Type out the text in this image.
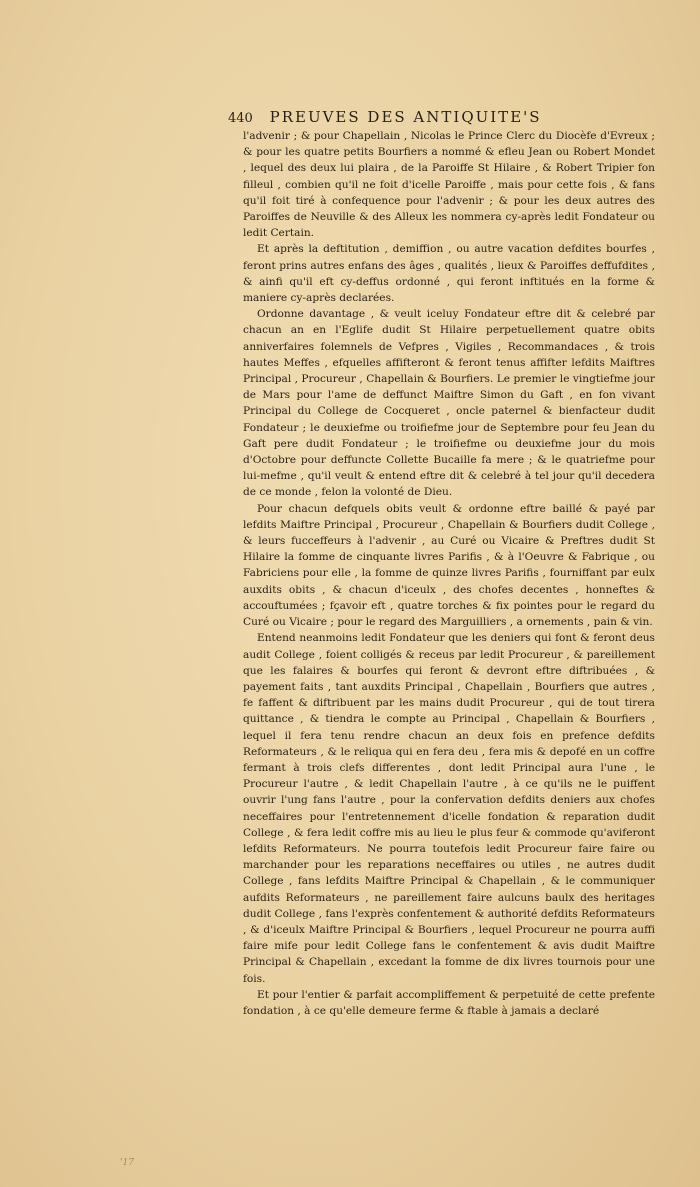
440 PREUVES DES ANTIQUITE'S

l'advenir ; & pour Chapellain , Nicolas le Prince Clerc du Diocèfe d'Evreux ; & pour les quatre petits Bourfiers a nommé & efleu Jean ou Robert Mondet , lequel des deux lui plaira , de la Paroiffe St Hilaire , & Robert Tripier fon filleul , combien qu'il ne foit d'icelle Paroiffe , mais pour cette fois , & fans qu'il foit tiré à confequence pour l'advenir ; & pour les deux autres des Paroiffes de Neuville & des Alleux les nommera cy-après ledit Fondateur ou ledit Certain.

Et après la deftitution , demiffion , ou autre vacation defdites bourfes , feront prins autres enfans des âges , qualités , lieux & Paroiffes deffufdites , & ainfi qu'il eft cy-deffus ordonné , qui feront inftitués en la forme & maniere cy-après declarées.

Ordonne davantage , & veult iceluy Fondateur eftre dit & celebré par chacun an en l'Eglife dudit St Hilaire perpetuellement quatre obits anniverfaires folemnels de Vefpres , Vigiles , Recommandaces , & trois hautes Meffes , efquelles affifteront & feront tenus affifter lefdits Maiftres Principal , Procureur , Chapellain & Bourfiers. Le premier le vingtiefme jour de Mars pour l'ame de deffunct Maiftre Simon du Gaft , en fon vivant Principal du College de Cocqueret , oncle paternel & bienfacteur dudit Fondateur ; le deuxiefme ou troifiefme jour de Septembre pour feu Jean du Gaft pere dudit Fondateur ; le troifiefme ou deuxiefme jour du mois d'Octobre pour deffuncte Collette Bucaille fa mere ; & le quatriefme pour lui-mefme , qu'il veult & entend eftre dit & celebré à tel jour qu'il decedera de ce monde , felon la volonté de Dieu.

Pour chacun defquels obits veult & ordonne eftre baillé & payé par lefdits Maiftre Principal , Procureur , Chapellain & Bourfiers dudit College , & leurs fucceffeurs à l'advenir , au Curé ou Vicaire & Preftres dudit St Hilaire la fomme de cinquante livres Parifis , & à l'Oeuvre & Fabrique , ou Fabriciens pour elle , la fomme de quinze livres Parifis , fourniffant par eulx auxdits obits , & chacun d'iceulx , des chofes decentes , honneftes & accouftumées ; fçavoir eft , quatre torches & fix pointes pour le regard du Curé ou Vicaire ; pour le regard des Marguilliers , a ornements , pain & vin.

Entend neanmoins ledit Fondateur que les deniers qui font & feront deus audit College , foient colligés & receus par ledit Procureur , & pareillement que les falaires & bourfes qui feront & devront eftre diftribuées , & payement faits , tant auxdits Principal , Chapellain , Bourfiers que autres , fe faffent & diftribuent par les mains dudit Procureur , qui de tout tirera quittance , & tiendra le compte au Principal , Chapellain & Bourfiers , lequel il fera tenu rendre chacun an deux fois en prefence defdits Reformateurs , & le reliqua qui en fera deu , fera mis & depofé en un coffre fermant à trois clefs differentes , dont ledit Principal aura l'une , le Procureur l'autre , & ledit Chapellain l'autre , à ce qu'ils ne le puiffent ouvrir l'ung fans l'autre , pour la confervation defdits deniers aux chofes neceffaires pour l'entretennement d'icelle fondation & reparation dudit College , & fera ledit coffre mis au lieu le plus feur & commode qu'aviferont lefdits Reformateurs. Ne pourra toutefois ledit Procureur faire faire ou marchander pour les reparations neceffaires ou utiles , ne autres dudit College , fans lefdits Maiftre Principal & Chapellain , & le communiquer aufdits Reformateurs , ne pareillement faire aulcuns baulx des heritages dudit College , fans l'exprès confentement & authorité defdits Reformateurs , & d'iceulx Maiftre Principal & Bourfiers , lequel Procureur ne pourra auffi faire mife pour ledit College fans le confentement & avis dudit Maiftre Principal & Chapellain , excedant la fomme de dix livres tournois pour une fois.

Et pour l'entier & parfait accompliffement & perpetuité de cette prefente fondation , à ce qu'elle demeure ferme & ftable à jamais a declaré

'17
